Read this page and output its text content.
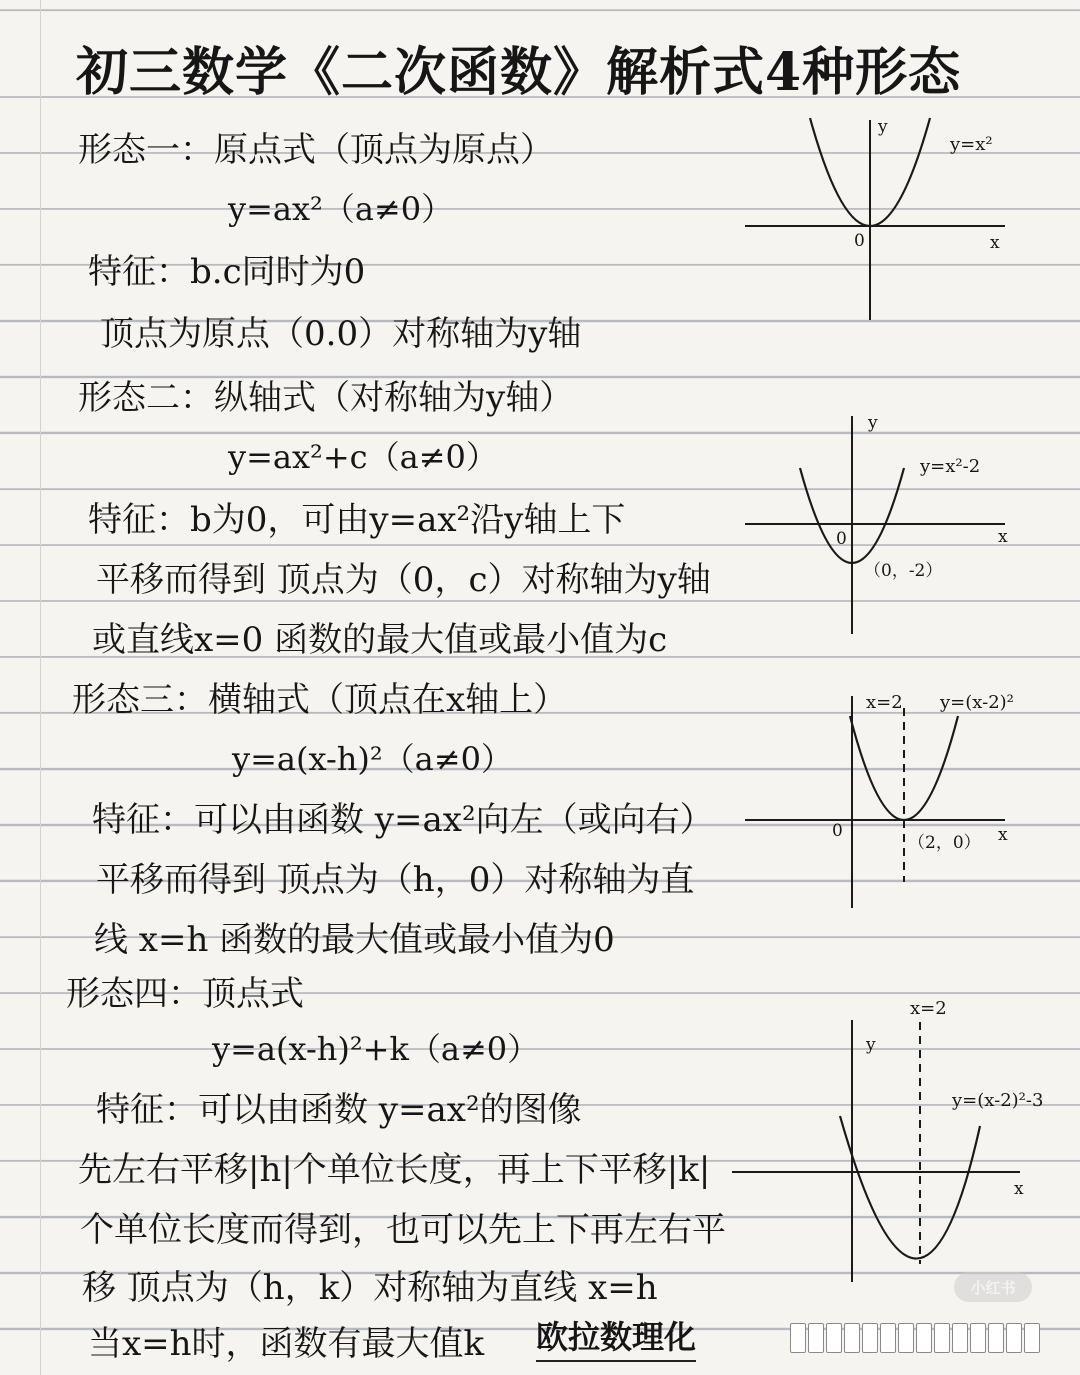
初三数学《二次函数》解析式4种形态
形态一：原点式（顶点为原点）
y=ax²（a≠0）
特征：b.c同时为0
顶点为原点（0.0）对称轴为y轴
y
x
0
y=x²
形态二：纵轴式（对称轴为y轴）
y=ax²+c（a≠0）
特征：b为0，可由y=ax²沿y轴上下
平移而得到 顶点为（0，c）对称轴为y轴
或直线x=0 函数的最大值或最小值为c
y
x
0
y=x²-2
（0，-2）
形态三：横轴式（顶点在x轴上）
y=a(x-h)²（a≠0）
特征：可以由函数 y=ax²向左（或向右）
平移而得到 顶点为（h，0）对称轴为直
线 x=h 函数的最大值或最小值为0
x
0
x=2 y=(x-2)²
（2，0）
形态四：顶点式
y=a(x-h)²+k（a≠0）
特征：可以由函数 y=ax²的图像
先左右平移|h|个单位长度，再上下平移|k|
个单位长度而得到，也可以先上下再左右平
移 顶点为（h，k）对称轴为直线 x=h
当x=h时，函数有最大值k 欧拉数理化
x=2
y
x
y=(x-2)²-3
小红书
